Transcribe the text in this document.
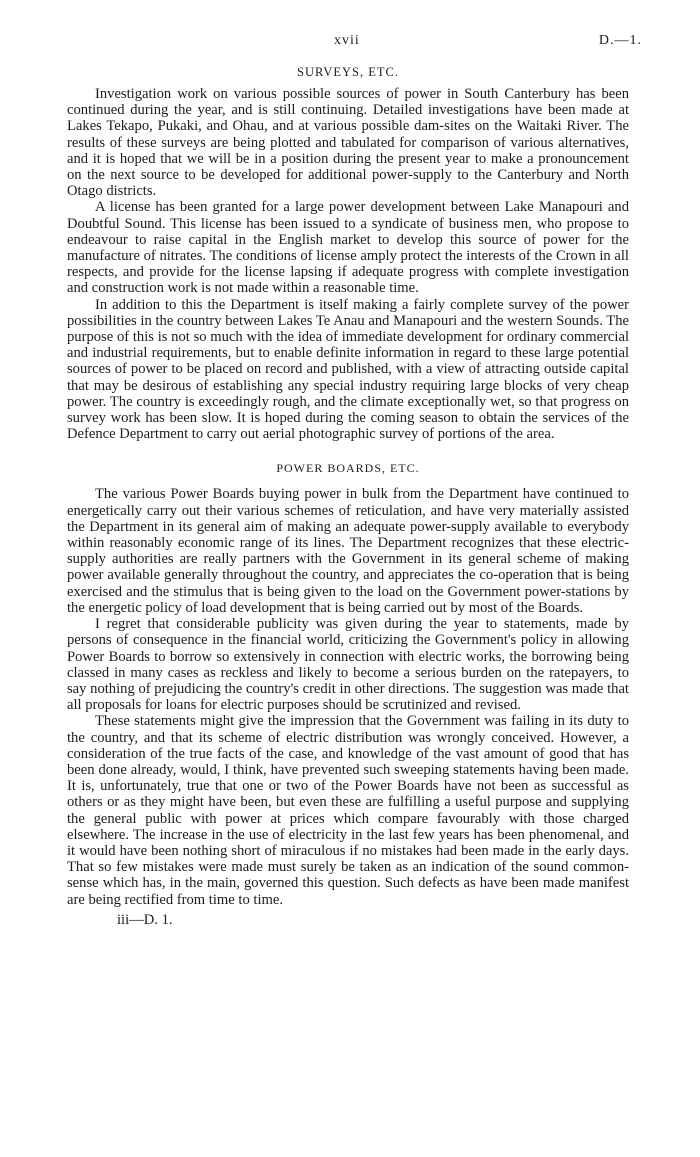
xvii	D.—1.
SURVEYS, ETC.

Investigation work on various possible sources of power in South Canterbury has been continued during the year, and is still continuing. Detailed investigations have been made at Lakes Tekapo, Pukaki, and Ohau, and at various possible dam-sites on the Waitaki River. The results of these surveys are being plotted and tabulated for comparison of various alternatives, and it is hoped that we will be in a position during the present year to make a pronouncement on the next source to be developed for additional power-supply to the Canterbury and North Otago districts.

A license has been granted for a large power development between Lake Manapouri and Doubtful Sound. This license has been issued to a syndicate of business men, who propose to endeavour to raise capital in the English market to develop this source of power for the manufacture of nitrates. The conditions of license amply protect the interests of the Crown in all respects, and provide for the license lapsing if adequate progress with complete investigation and construction work is not made within a reasonable time.

In addition to this the Department is itself making a fairly complete survey of the power possibilities in the country between Lakes Te Anau and Manapouri and the western Sounds. The purpose of this is not so much with the idea of immediate development for ordinary commercial and industrial requirements, but to enable definite information in regard to these large potential sources of power to be placed on record and published, with a view of attracting outside capital that may be desirous of establishing any special industry requiring large blocks of very cheap power. The country is exceedingly rough, and the climate exceptionally wet, so that progress on survey work has been slow. It is hoped during the coming season to obtain the services of the Defence Department to carry out aerial photographic survey of portions of the area.

POWER BOARDS, ETC.

The various Power Boards buying power in bulk from the Department have continued to energetically carry out their various schemes of reticulation, and have very materially assisted the Department in its general aim of making an adequate power-supply available to everybody within reasonably economic range of its lines. The Department recognizes that these electric-supply authorities are really partners with the Government in its general scheme of making power available generally throughout the country, and appreciates the co-operation that is being exercised and the stimulus that is being given to the load on the Government power-stations by the energetic policy of load development that is being carried out by most of the Boards.

I regret that considerable publicity was given during the year to statements, made by persons of consequence in the financial world, criticizing the Government's policy in allowing Power Boards to borrow so extensively in connection with electric works, the borrowing being classed in many cases as reckless and likely to become a serious burden on the ratepayers, to say nothing of prejudicing the country's credit in other directions. The suggestion was made that all proposals for loans for electric purposes should be scrutinized and revised.

These statements might give the impression that the Government was failing in its duty to the country, and that its scheme of electric distribution was wrongly conceived. However, a consideration of the true facts of the case, and knowledge of the vast amount of good that has been done already, would, I think, have prevented such sweeping statements having been made. It is, unfortunately, true that one or two of the Power Boards have not been as successful as others or as they might have been, but even these are fulfilling a useful purpose and supplying the general public with power at prices which compare favourably with those charged elsewhere. The increase in the use of electricity in the last few years has been phenomenal, and it would have been nothing short of miraculous if no mistakes had been made in the early days. That so few mistakes were made must surely be taken as an indication of the sound common-sense which has, in the main, governed this question. Such defects as have been made manifest are being rectified from time to time.

iii—D. 1.
